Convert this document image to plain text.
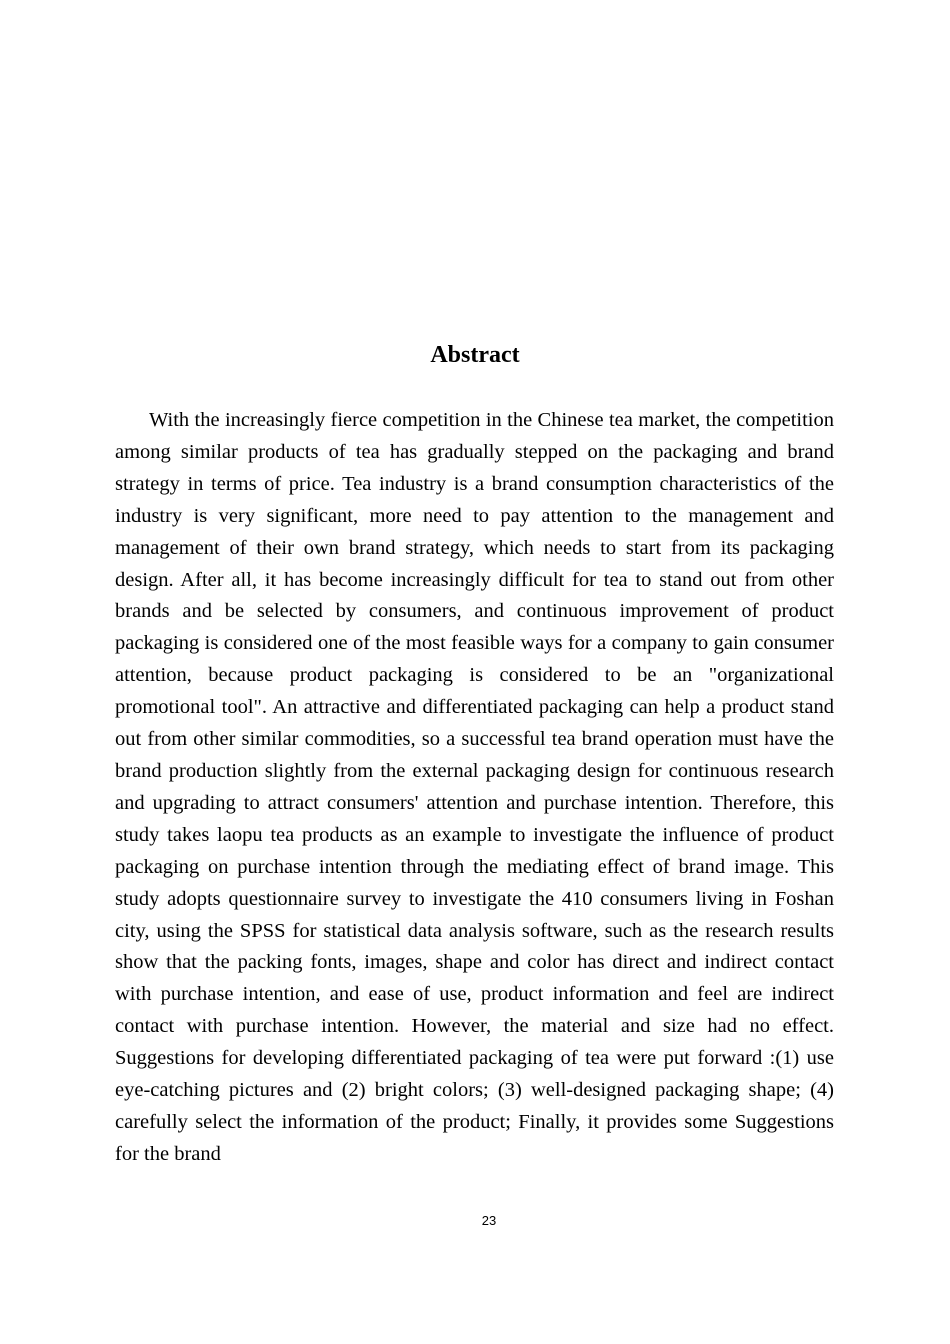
Abstract

With the increasingly fierce competition in the Chinese tea market, the competition among similar products of tea has gradually stepped on the packaging and brand strategy in terms of price. Tea industry is a brand consumption characteristics of the industry is very significant, more need to pay attention to the management and management of their own brand strategy, which needs to start from its packaging design. After all, it has become increasingly difficult for tea to stand out from other brands and be selected by consumers, and continuous improvement of product packaging is considered one of the most feasible ways for a company to gain consumer attention, because product packaging is considered to be an "organizational promotional tool". An attractive and differentiated packaging can help a product stand out from other similar commodities, so a successful tea brand operation must have the brand production slightly from the external packaging design for continuous research and upgrading to attract consumers' attention and purchase intention. Therefore, this study takes laopu tea products as an example to investigate the influence of product packaging on purchase intention through the mediating effect of brand image. This study adopts questionnaire survey to investigate the 410 consumers living in Foshan city, using the SPSS for statistical data analysis software, such as the research results show that the packing fonts, images, shape and color has direct and indirect contact with purchase intention, and ease of use, product information and feel are indirect contact with purchase intention. However, the material and size had no effect. Suggestions for developing differentiated packaging of tea were put forward :(1) use eye-catching pictures and (2) bright colors; (3) well-designed packaging shape; (4) carefully select the information of the product; Finally, it provides some Suggestions for the brand

23
